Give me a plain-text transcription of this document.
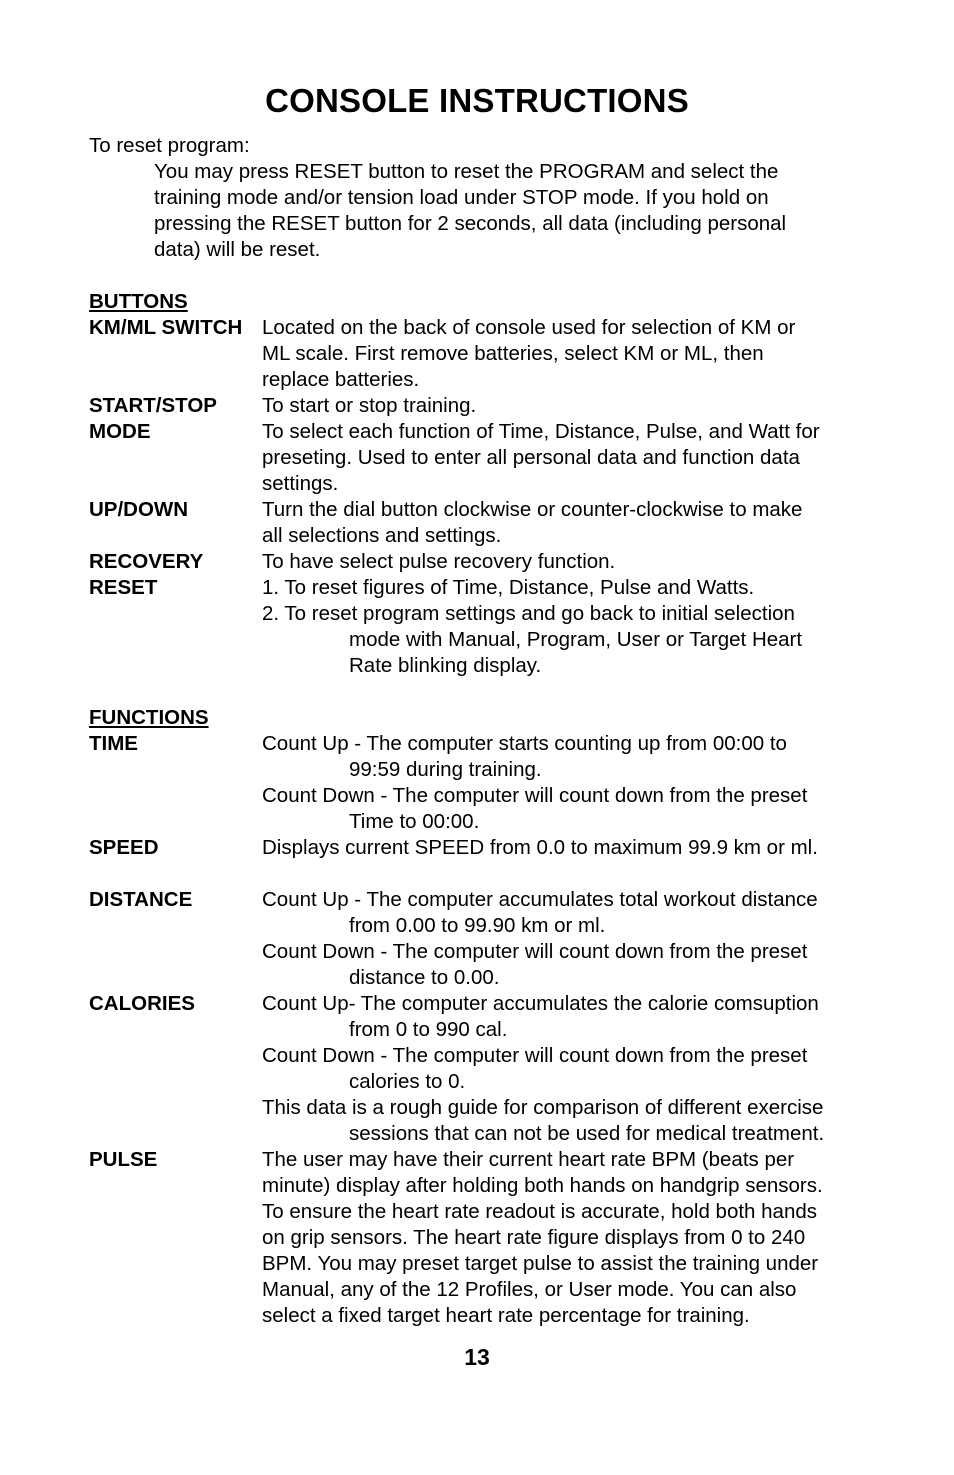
CONSOLE INSTRUCTIONS
To reset program:
You may press RESET button to reset the PROGRAM and select the
training mode and/or tension load under STOP mode. If you hold on
pressing the RESET button for 2 seconds, all data (including personal
data) will be reset.
BUTTONS
KM/ML SWITCH Located on the back of console used for selection of KM or
ML scale. First remove batteries, select KM or ML, then
replace batteries.
START/STOP To start or stop training.
MODE	To select each function of Time, Distance, Pulse, and Watt for
preseting. Used to enter all personal data and function data
settings.
UP/DOWN	Turn the dial button clockwise or counter-clockwise to make
all selections and settings.
RECOVERY	To have select pulse recovery function.
RESET	1. To reset figures of Time, Distance, Pulse and Watts.
2. To reset program settings and go back to initial selection
mode with Manual, Program, User or Target Heart
Rate blinking display.
FUNCTIONS
TIME	Count Up - The computer starts counting up from 00:00 to
99:59 during training.
Count Down - The computer will count down from the preset
Time to 00:00.
SPEED	Displays current SPEED from 0.0 to maximum 99.9 km or ml.
DISTANCE	Count Up - The computer accumulates total workout distance
from 0.00 to 99.90 km or ml.
Count Down - The computer will count down from the preset
distance to 0.00.
CALORIES	Count Up- The computer accumulates the calorie comsuption
from 0 to 990 cal.
Count Down - The computer will count down from the preset
calories to 0.
This data is a rough guide for comparison of different exercise
sessions that can not be used for medical treatment.
PULSE	The user may have their current heart rate BPM (beats per
minute) display after holding both hands on handgrip sensors.
To ensure the heart rate readout is accurate, hold both hands
on grip sensors. The heart rate figure displays from 0 to 240
BPM. You may preset target pulse to assist the training under
Manual, any of the 12 Profiles, or User mode. You can also
select a fixed target heart rate percentage for training.
13
